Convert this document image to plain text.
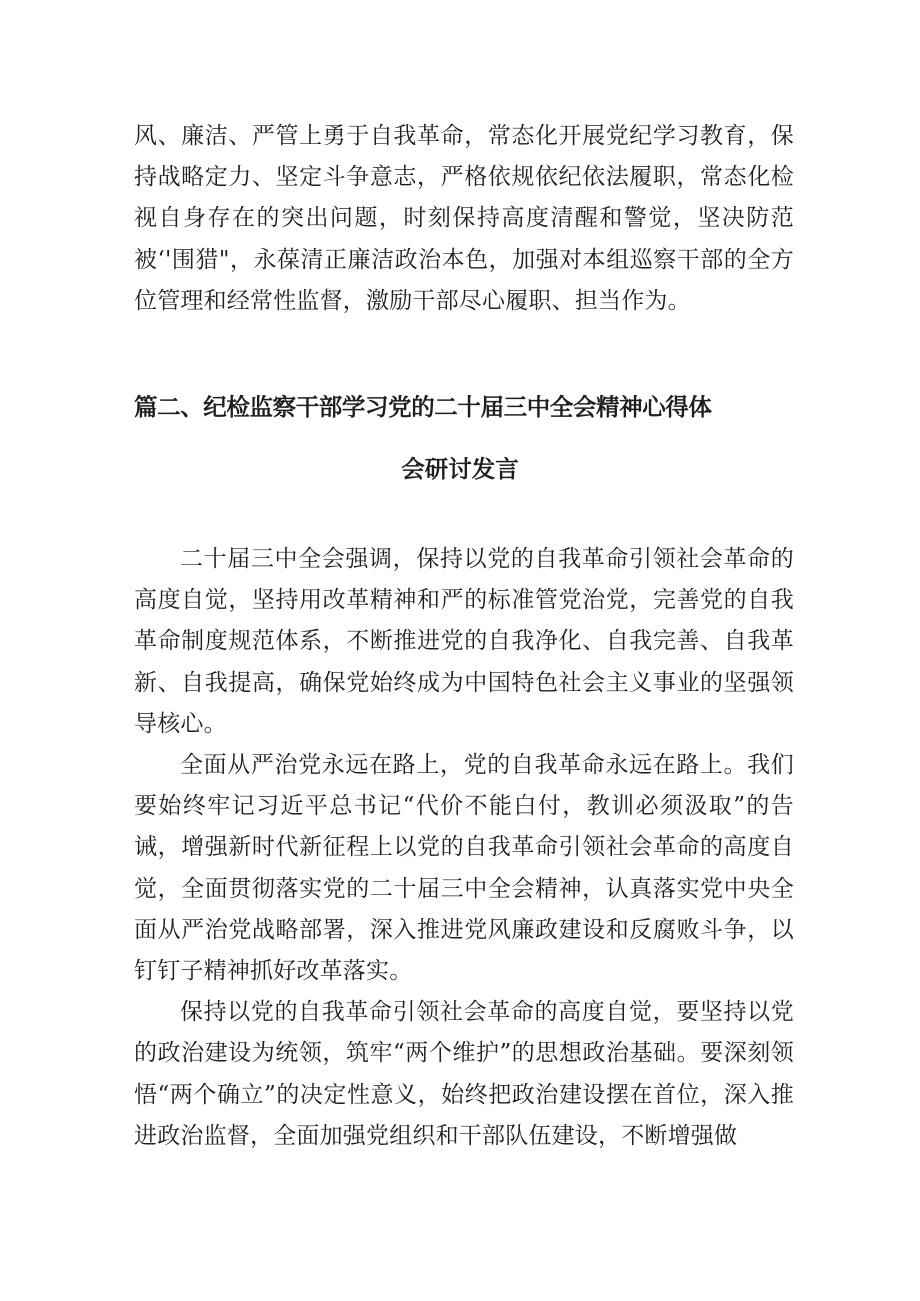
风、廉洁、严管上勇于自我革命，常态化开展党纪学习教育，保持战略定力、坚定斗争意志，严格依规依纪依法履职，常态化检视自身存在的突出问题，时刻保持高度清醒和警觉，坚决防范被‘'围猎"，永葆清正廉洁政治本色，加强对本组巡察干部的全方位管理和经常性监督，激励干部尽心履职、担当作为。

篇二、纪检监察干部学习党的二十届三中全会精神心得体
会研讨发言

二十届三中全会强调，保持以党的自我革命引领社会革命的高度自觉，坚持用改革精神和严的标准管党治党，完善党的自我革命制度规范体系，不断推进党的自我净化、自我完善、自我革新、自我提高，确保党始终成为中国特色社会主义事业的坚强领导核心。

全面从严治党永远在路上，党的自我革命永远在路上。我们要始终牢记习近平总书记“代价不能白付，教训必须汲取”的告诫，增强新时代新征程上以党的自我革命引领社会革命的高度自觉，全面贯彻落实党的二十届三中全会精神，认真落实党中央全面从严治党战略部署，深入推进党风廉政建设和反腐败斗争，以钉钉子精神抓好改革落实。

保持以党的自我革命引领社会革命的高度自觉，要坚持以党的政治建设为统领，筑牢“两个维护”的思想政治基础。要深刻领悟“两个确立”的决定性意义，始终把政治建设摆在首位，深入推进政治监督，全面加强党组织和干部队伍建设，不断增强做
